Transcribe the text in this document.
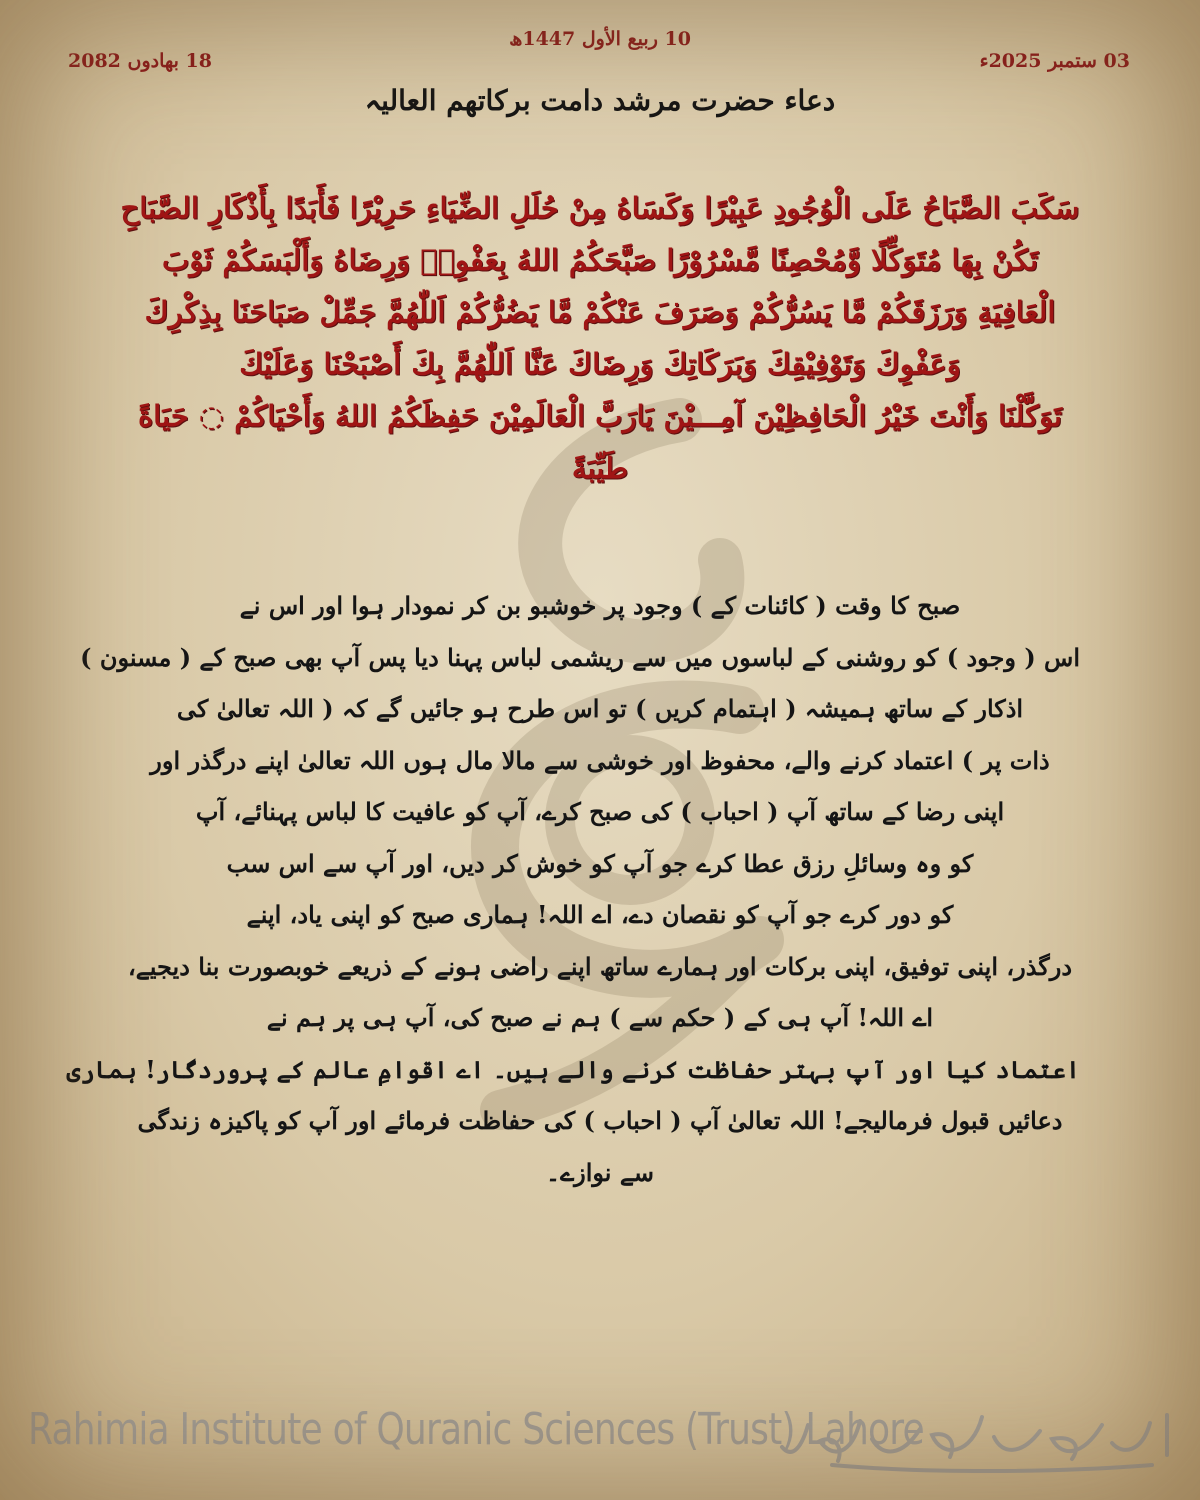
10 ربیع الأول 1447ھ
03 ستمبر 2025ء
18 بھادوں 2082
دعاء حضرت مرشد دامت برکاتھم العالیہ
سَكَبَ الصَّبَاحُ عَلَى الْوُجُودِ عَبِيْرًا وَكَسَاهُ مِنْ حُلَلِ الضِّيَاءِ حَرِيْرًا فَأَبَدًا بِأَذْكَارِ الصَّبَاحِ
تَكُنْ بِهَا مُتَوَكِّلًا وَّمُحْصِنًا مَّسْرُوْرًا صَبَّحَكُمُ اللهُ بِعَفْوِهٖ وَرِضَاهُ وَأَلْبَسَكُمْ ثَوْبَ
الْعَافِيَةِ وَرَزَقَكُمْ مَّا يَسُرُّكُمْ وَصَرَفَ عَنْكُمْ مَّا يَضُرُّكُمْ اَللّٰهُمَّ جَمِّلْ صَبَاحَنَا بِذِكْرِكَ
وَعَفْوِكَ وَتَوْفِيْقِكَ وَبَرَكَاتِكَ وَرِضَاكَ عَنَّا اَللّٰهُمَّ بِكَ أَصْبَحْنَا وَعَلَيْكَ
تَوَكَّلْنَا وَأَنْتَ خَيْرُ الْحَافِظِيْنَ آمِـــيْنَ يَارَبَّ الْعَالَمِيْنَ حَفِظَكُمُ اللهُ وَأَحْيَاكُمْ ◌ حَيَاةً
طَيِّبَةً
صبح کا وقت ( کائنات کے ) وجود پر خوشبو بن کر نمودار ہوا اور اس نے
اس ( وجود ) کو روشنی کے لباسوں میں سے ریشمی لباس پہنا دیا پس آپ بھی صبح کے ( مسنون )
اذکار کے ساتھ ہمیشہ ( اہتمام کریں ) تو اس طرح ہو جائیں گے کہ ( اللہ تعالیٰ کی
ذات پر ) اعتماد کرنے والے، محفوظ اور خوشی سے مالا مال ہوں اللہ تعالیٰ اپنے درگذر اور
اپنی رضا کے ساتھ آپ ( احباب ) کی صبح کرے، آپ کو عافیت کا لباس پہنائے، آپ
کو وہ وسائلِ رزق عطا کرے جو آپ کو خوش کر دیں، اور آپ سے اس سب
کو دور کرے جو آپ کو نقصان دے، اے اللہ! ہماری صبح کو اپنی یاد، اپنے
درگذر، اپنی توفیق، اپنی برکات اور ہمارے ساتھ اپنے راضی ہونے کے ذریعے خوبصورت بنا دیجیے،
اے اللہ! آپ ہی کے ( حکم سے ) ہم نے صبح کی، آپ ہی پر ہم نے
اعتماد کیا اور آپ بہتر حفاظت کرنے والے ہیں۔ اے اقوامِ عالم کے پروردگار! ہماری
دعائیں قبول فرمالیجے! اللہ تعالیٰ آپ ( احباب ) کی حفاظت فرمائے اور آپ کو پاکیزہ زندگی
سے نوازے۔
Rahimia Institute of Quranic Sciences (Trust) Lahore
